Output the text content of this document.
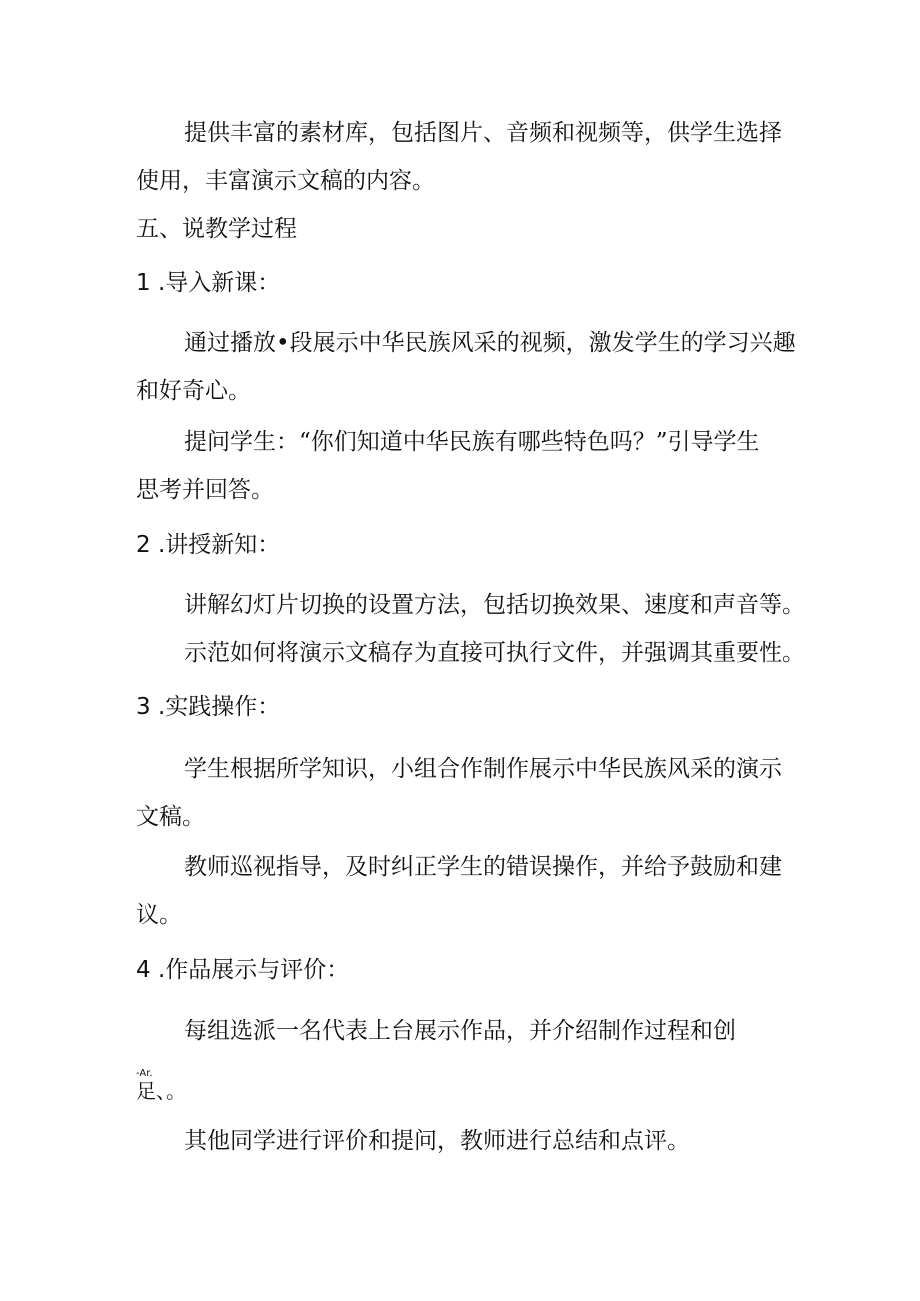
提供丰富的素材库，包括图片、音频和视频等，供学生选择
使用，丰富演示文稿的内容。
五、说教学过程
1 .导入新课：
通过播放•段展示中华民族风采的视频，激发学生的学习兴趣
和好奇心。
提问学生：“你们知道中华民族有哪些特色吗？”引导学生
思考并回答。
2 .讲授新知：
讲解幻灯片切换的设置方法，包括切换效果、速度和声音等。
示范如何将演示文稿存为直接可执行文件，并强调其重要性。
3 .实践操作：
学生根据所学知识，小组合作制作展示中华民族风采的演示
文稿。
教师巡视指导，及时纠正学生的错误操作，并给予鼓励和建
议。
4 .作品展示与评价：
每组选派一名代表上台展示作品，并介绍制作过程和创
-Ar.
足、。
其他同学进行评价和提问，教师进行总结和点评。
